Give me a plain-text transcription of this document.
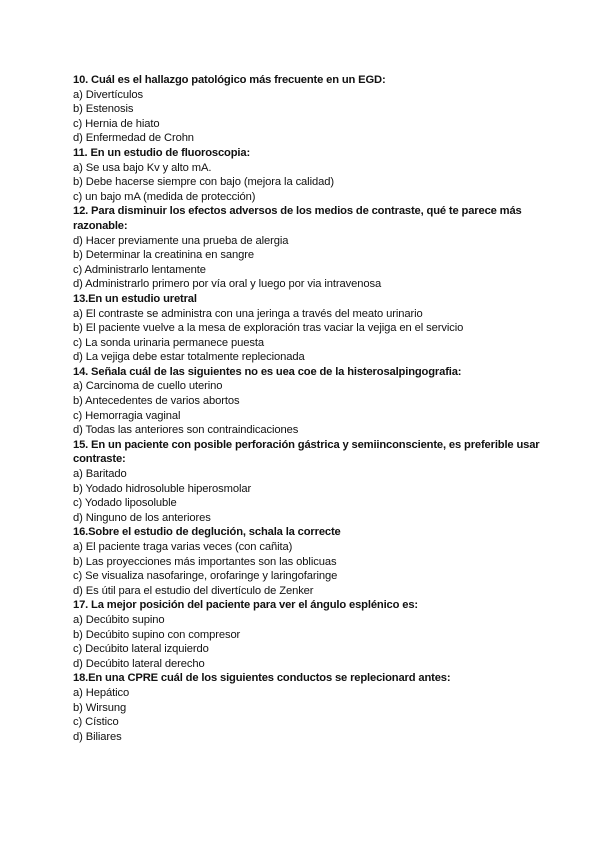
10. Cuál es el hallazgo patológico más frecuente en un EGD:
a) Divertículos
b) Estenosis
c) Hernia de hiato
d) Enfermedad de Crohn
11. En un estudio de fluoroscopia:
a) Se usa bajo Kv y alto mA.
b) Debe hacerse siempre con bajo (mejora la calidad)
c) un bajo mA (medida de protección)
12. Para disminuir los efectos adversos de los medios de contraste, qué te parece más razonable:
d) Hacer previamente una prueba de alergia
b) Determinar la creatinina en sangre
c) Administrarlo lentamente
d) Administrarlo primero por vía oral y luego por via intravenosa
13.En un estudio uretral
a) El contraste se administra con una jeringa a través del meato urinario
b) El paciente vuelve a la mesa de exploración tras vaciar la vejiga en el servicio
c) La sonda urinaria permanece puesta
d) La vejiga debe estar totalmente replecionada
14. Señala cuál de las siguientes no es uea coe de la histerosalpingografia:
a) Carcinoma de cuello uterino
b) Antecedentes de varios abortos
c) Hemorragia vaginal
d) Todas las anteriores son contraindicaciones
15. En un paciente con posible perforación gástrica y semiinconsciente, es preferible usar contraste:
a) Baritado
b) Yodado hidrosoluble hiperosmolar
c) Yodado liposoluble
d) Ninguno de los anteriores
16.Sobre el estudio de deglución, schala la correcte
a) El paciente traga varias veces (con cañita)
b) Las proyecciones más importantes son las oblicuas
c) Se visualiza nasofaringe, orofaringe y laringofaringe
d) Es útil para el estudio del divertículo de Zenker
17. La mejor posición del paciente para ver el ángulo esplénico es:
a) Decúbito supino
b) Decúbito supino con compresor
c) Decúbito lateral izquierdo
d) Decúbito lateral derecho
18.En una CPRE cuál de los siguientes conductos se replecionard antes:
a) Hepático
b) Wirsung
c) Cístico
d) Biliares
